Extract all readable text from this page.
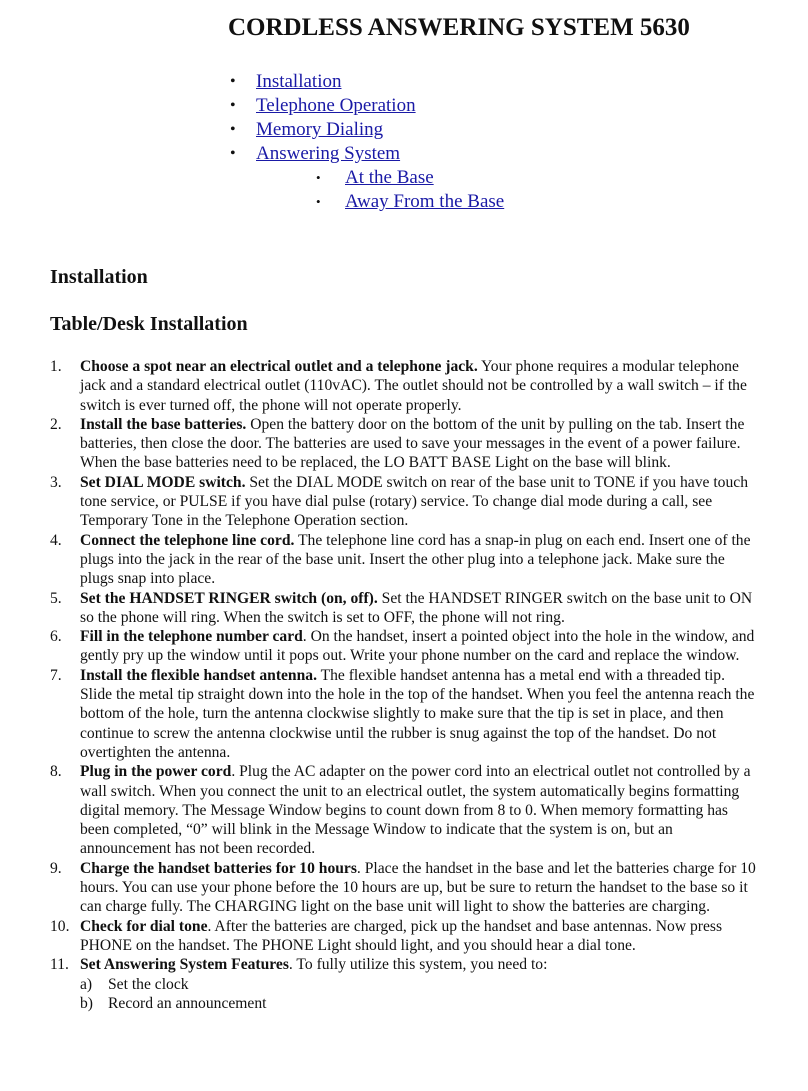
CORDLESS ANSWERING SYSTEM 5630
• Installation
• Telephone Operation
• Memory Dialing
• Answering System
• At the Base
• Away From the Base
Installation
Table/Desk Installation
1. Choose a spot near an electrical outlet and a telephone jack. Your phone requires a modular telephone jack and a standard electrical outlet (110vAC). The outlet should not be controlled by a wall switch – if the switch is ever turned off, the phone will not operate properly.
2. Install the base batteries. Open the battery door on the bottom of the unit by pulling on the tab. Insert the batteries, then close the door. The batteries are used to save your messages in the event of a power failure. When the base batteries need to be replaced, the LO BATT BASE Light on the base will blink.
3. Set DIAL MODE switch. Set the DIAL MODE switch on rear of the base unit to TONE if you have touch tone service, or PULSE if you have dial pulse (rotary) service. To change dial mode during a call, see Temporary Tone in the Telephone Operation section.
4. Connect the telephone line cord. The telephone line cord has a snap-in plug on each end. Insert one of the plugs into the jack in the rear of the base unit. Insert the other plug into a telephone jack. Make sure the plugs snap into place.
5. Set the HANDSET RINGER switch (on, off). Set the HANDSET RINGER switch on the base unit to ON so the phone will ring. When the switch is set to OFF, the phone will not ring.
6. Fill in the telephone number card. On the handset, insert a pointed object into the hole in the window, and gently pry up the window until it pops out. Write your phone number on the card and replace the window.
7. Install the flexible handset antenna. The flexible handset antenna has a metal end with a threaded tip. Slide the metal tip straight down into the hole in the top of the handset. When you feel the antenna reach the bottom of the hole, turn the antenna clockwise slightly to make sure that the tip is set in place, and then continue to screw the antenna clockwise until the rubber is snug against the top of the handset. Do not overtighten the antenna.
8. Plug in the power cord. Plug the AC adapter on the power cord into an electrical outlet not controlled by a wall switch. When you connect the unit to an electrical outlet, the system automatically begins formatting digital memory. The Message Window begins to count down from 8 to 0. When memory formatting has been completed, “0” will blink in the Message Window to indicate that the system is on, but an announcement has not been recorded.
9. Charge the handset batteries for 10 hours. Place the handset in the base and let the batteries charge for 10 hours. You can use your phone before the 10 hours are up, but be sure to return the handset to the base so it can charge fully. The CHARGING light on the base unit will light to show the batteries are charging.
10. Check for dial tone. After the batteries are charged, pick up the handset and base antennas. Now press PHONE on the handset. The PHONE Light should light, and you should hear a dial tone.
11. Set Answering System Features. To fully utilize this system, you need to:
a) Set the clock
b) Record an announcement
